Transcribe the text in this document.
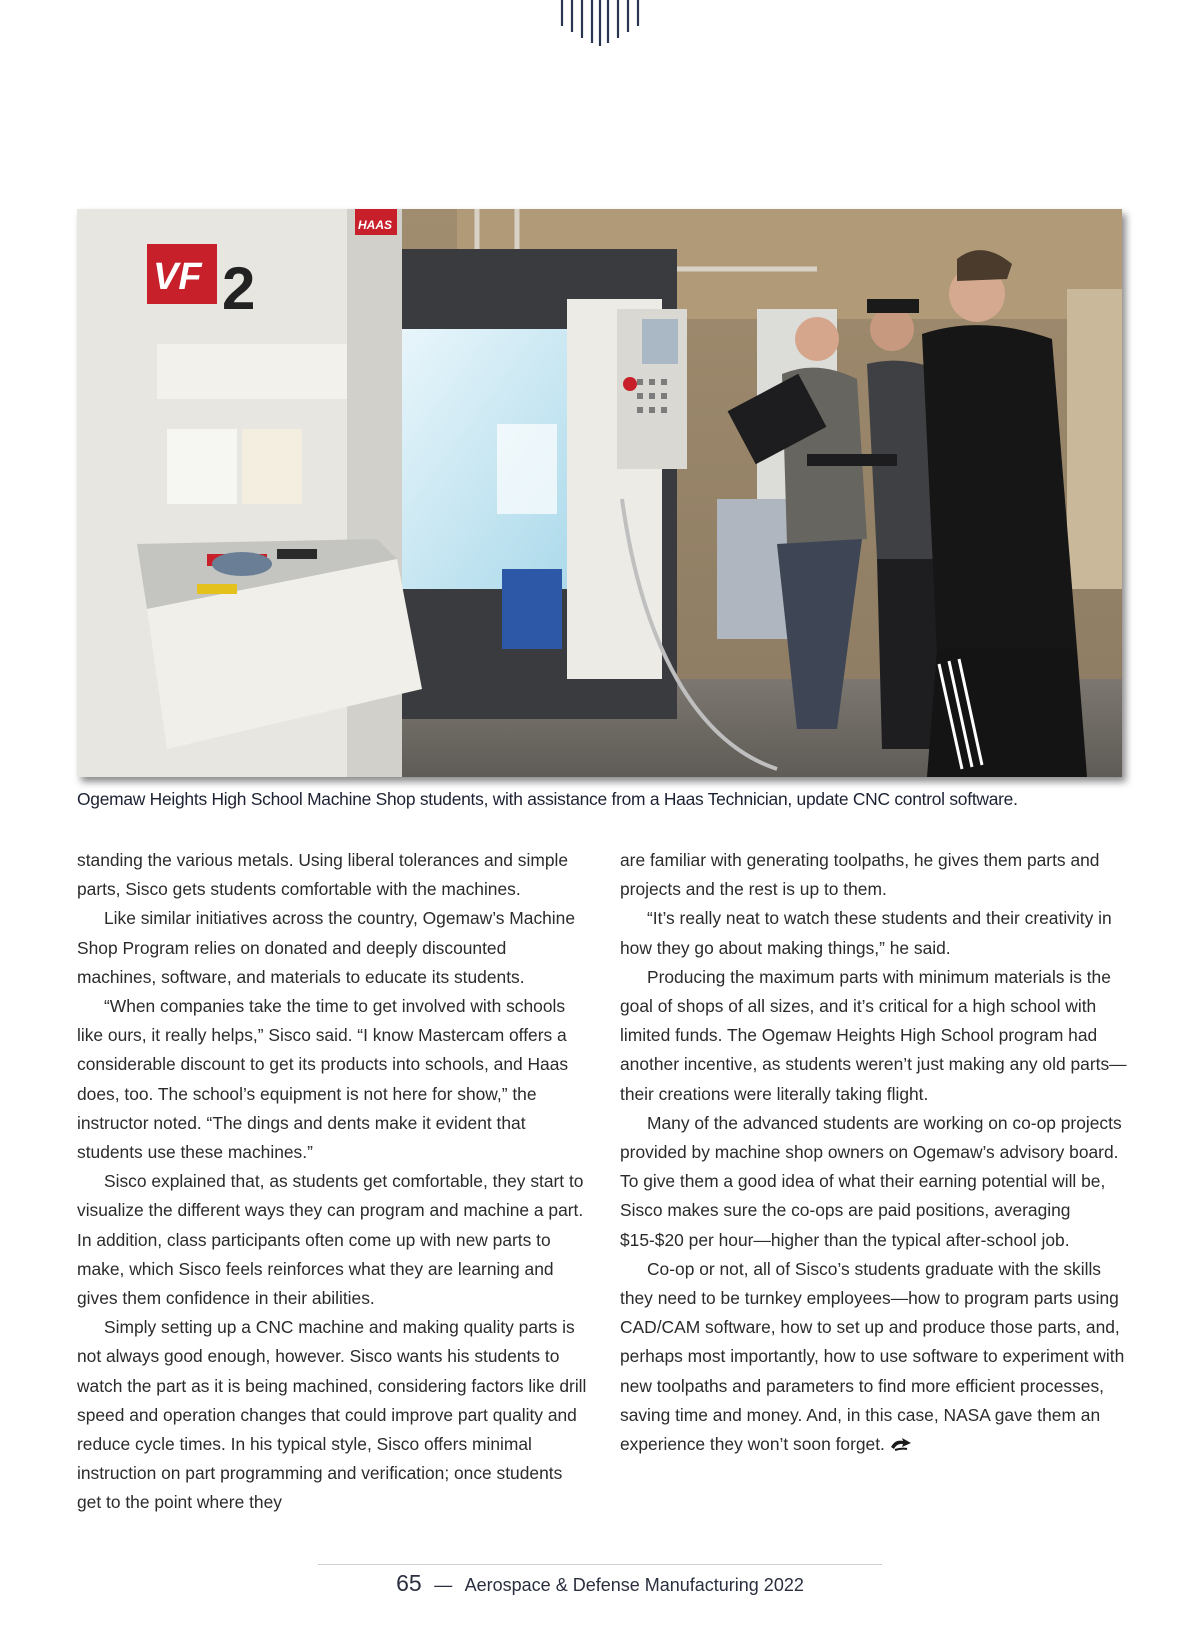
VF 2
HAAS
Ogemaw Heights High School Machine Shop students, with assistance from a Haas Technician, update CNC control software.

standing the various metals. Using liberal tolerances and simple parts, Sisco gets students comfortable with the machines.

Like similar initiatives across the country, Ogemaw’s Machine Shop Program relies on donated and deeply discounted machines, software, and materials to educate its students.

“When companies take the time to get involved with schools like ours, it really helps,” Sisco said. “I know Mastercam offers a considerable discount to get its products into schools, and Haas does, too. The school’s equipment is not here for show,” the instructor noted. “The dings and dents make it evident that students use these machines.”

Sisco explained that, as students get comfortable, they start to visualize the different ways they can program and machine a part. In addition, class participants often come up with new parts to make, which Sisco feels reinforces what they are learning and gives them confidence in their abilities.

Simply setting up a CNC machine and making quality parts is not always good enough, however. Sisco wants his students to watch the part as it is being machined, considering factors like drill speed and operation changes that could improve part quality and reduce cycle times. In his typical style, Sisco offers minimal instruction on part programming and verification; once students get to the point where they

are familiar with generating toolpaths, he gives them parts and projects and the rest is up to them.

“It’s really neat to watch these students and their creativity in how they go about making things,” he said.

Producing the maximum parts with minimum materials is the goal of shops of all sizes, and it’s critical for a high school with limited funds. The Ogemaw Heights High School program had another incentive, as students weren’t just making any old parts—their creations were literally taking flight.

Many of the advanced students are working on co-op projects provided by machine shop owners on Ogemaw’s advisory board. To give them a good idea of what their earning potential will be, Sisco makes sure the co-ops are paid positions, averaging $15-$20 per hour—higher than the typical after-school job.

Co-op or not, all of Sisco’s students graduate with the skills they need to be turnkey employees—how to program parts using CAD/CAM software, how to set up and produce those parts, and, perhaps most importantly, how to use software to experiment with new toolpaths and parameters to find more efficient processes, saving time and money. And, in this case, NASA gave them an experience they won’t soon forget.

65 — Aerospace & Defense Manufacturing 2022
